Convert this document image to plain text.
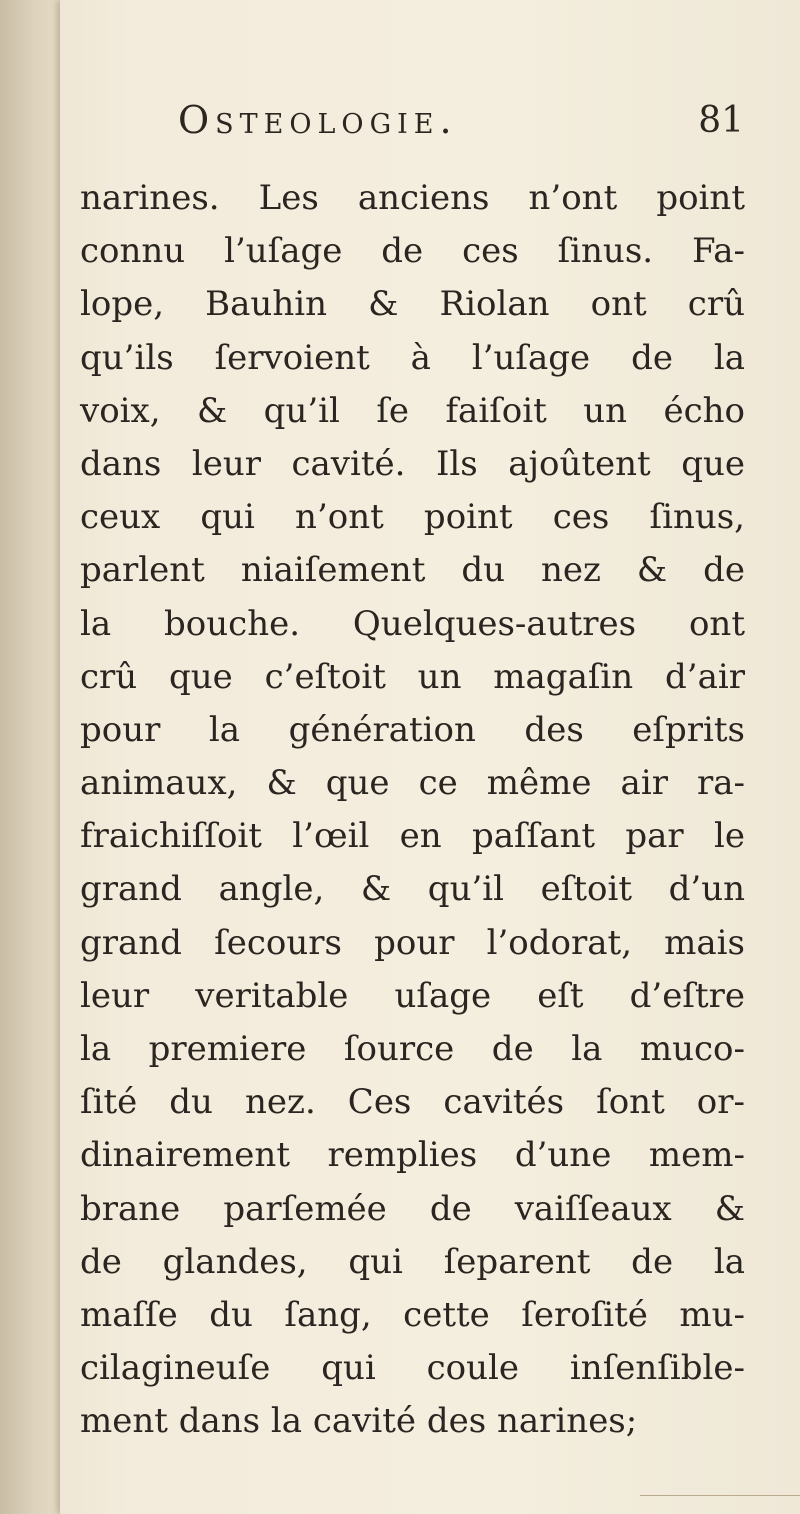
Osteologie.	81
narines. Les anciens n’ont point
connu l’uſage de ces ſinus. Fa-
lope, Bauhin & Riolan ont crû
qu’ils ſervoient à l’uſage de la
voix, & qu’il ſe faiſoit un écho
dans leur cavité. Ils ajoûtent que
ceux qui n’ont point ces ſinus,
parlent niaiſement du nez & de
la bouche. Quelques-autres ont
crû que c’eſtoit un magaſin d’air
pour la génération des eſprits
animaux, & que ce même air ra-
fraichiſſoit l’œil en paſſant par le
grand angle, & qu’il eſtoit d’un
grand ſecours pour l’odorat, mais
leur veritable uſage eſt d’eſtre
la premiere ſource de la muco-
ſité du nez. Ces cavités ſont or-
dinairement remplies d’une mem-
brane parſemée de vaiſſeaux &
de glandes, qui ſeparent de la
maſſe du ſang, cette ſeroſité mu-
cilagineuſe qui coule inſenſible-
ment dans la cavité des narines;
